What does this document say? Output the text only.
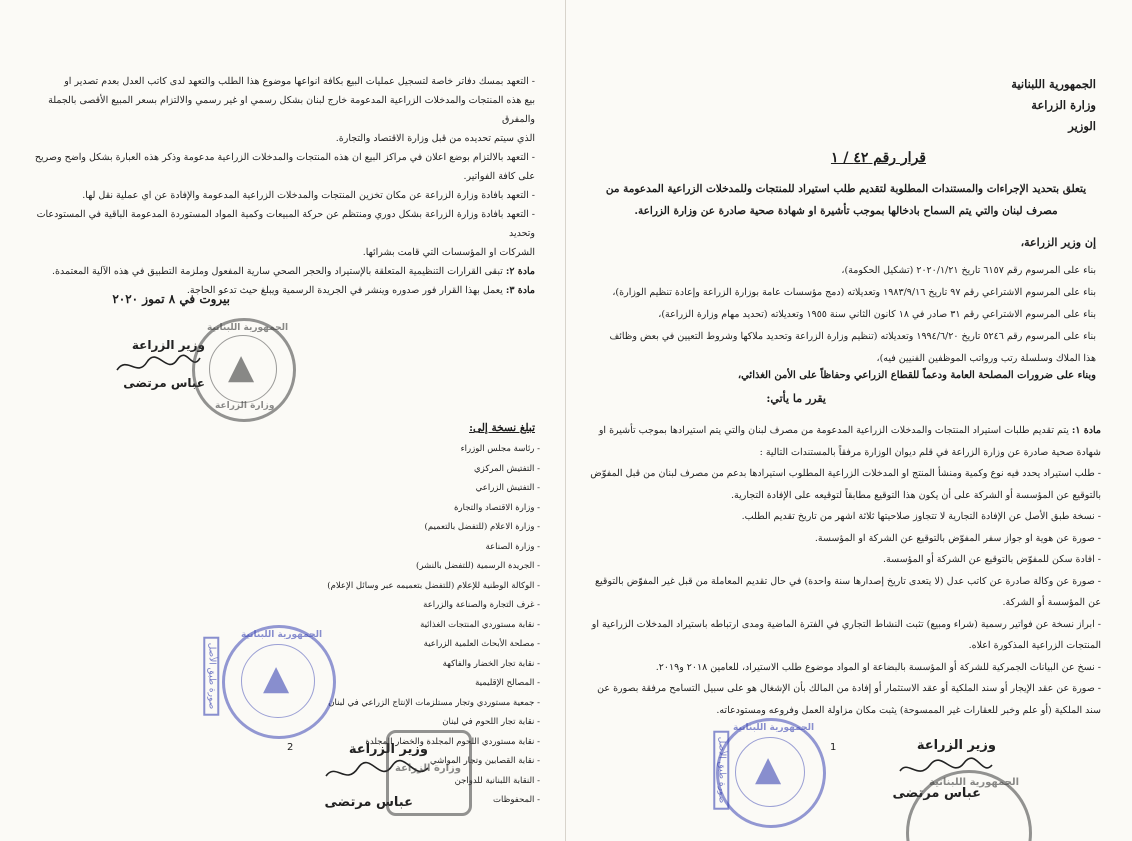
- التعهد بمسك دفاتر خاصة لتسجيل عمليات البيع بكافة انواعها موضوع هذا الطلب والتعهد لدى كاتب العدل بعدم تصدير او
بيع هذه المنتجات والمدخلات الزراعية المدعومة خارج لبنان بشكل رسمي او غير رسمي والالتزام بسعر المبيع الأقصى بالجملة والمفرق
الذي سيتم تحديده من قبل وزارة الاقتصاد والتجارة.
- التعهد بالالتزام بوضع اعلان في مراكز البيع ان هذه المنتجات والمدخلات الزراعية مدعومة وذكر هذه العبارة بشكل واضح وصريح
على كافة الفواتير.
- التعهد بافادة وزارة الزراعة عن مكان تخزين المنتجات والمدخلات الزراعية المدعومة والإفادة عن اي عملية نقل لها.
- التعهد بافادة وزارة الزراعة بشكل دوري ومنتظم عن حركة المبيعات وكمية المواد المستوردة المدعومة الباقية في المستودعات وتحديد
الشركات او المؤسسات التي قامت بشرائها.
مادة ٢: تبقى القرارات التنظيمية المتعلقة بالإستيراد والحجر الصحي سارية المفعول وملزمة التطبيق في هذه الآلية المعتمدة.
مادة ٣: يعمل بهذا القرار فور صدوره وينشر في الجريدة الرسمية ويبلغ حيث تدعو الحاجة.
بيروت في ٨ تموز ٢٠٢٠
وزير الزراعة
عباس مرتضى ▲
الجمهورية اللبنانية
وزارة الزراعة
تبلغ نسخة إلى:
- رئاسة مجلس الوزراء
- التفتيش المركزي
- التفتيش الزراعي
- وزارة الاقتصاد والتجارة
- وزارة الاعلام (للتفضل بالتعميم)
- وزارة الصناعة
- الجريدة الرسمية (للتفضل بالنشر)
- الوكالة الوطنية للإعلام (للتفضل بتعميمه عبر وسائل الإعلام)
- غرف التجارة والصناعة والزراعة
- نقابة مستوردي المنتجات الغذائية
- مصلحة الأبحاث العلمية الزراعية
- نقابة تجار الخضار والفاكهة
- المصالح الإقليمية
- جمعية مستوردي وتجار مستلزمات الإنتاج الزراعي في لبنان
- نقابة تجار اللحوم في لبنان
- نقابة مستوردي اللحوم المجلدة والخضار المجلدة
- نقابة القصابين وتجار المواشي
- النقابة اللبنانية للدواجن
- المحفوظات
▲
الجمهورية اللبنانية
صورة طبق الأصل
2	وزير الزراعة
عباس مرتضى
وزارة الزراعة
الجمهورية اللبنانية
وزارة الزراعة
الوزير
قرار رقم ٤٢ / ١
يتعلق بتحديد الإجراءات والمستندات المطلوبة لتقديم طلب استيراد للمنتجات وللمدخلات الزراعية المدعومة من
مصرف لبنان والتي يتم السماح بادخالها بموجب تأشيرة او شهادة صحية صادرة عن وزارة الزراعة.
إن وزير الزراعة،
بناء على المرسوم رقم ٦١٥٧ تاريخ ٢٠٢٠/١/٢١ (تشكيل الحكومة)،
بناء على المرسوم الاشتراعي رقم ٩٧ تاريخ ١٩٨٣/٩/١٦ وتعديلاته (دمج مؤسسات عامة بوزارة الزراعة وإعادة تنظيم الوزارة)،
بناء على المرسوم الاشتراعي رقم ٣١ صادر في ١٨ كانون الثاني سنة ١٩٥٥ وتعديلاته (تحديد مهام وزارة الزراعة)،
بناء على المرسوم رقم ٥٢٤٦ تاريخ ١٩٩٤/٦/٢٠ وتعديلاته (تنظيم وزارة الزراعة وتحديد ملاكها وشروط التعيين في بعض وظائف
هذا الملاك وسلسلة رتب ورواتب الموظفين الفنيين فيه)،
وبناء على ضرورات المصلحة العامة ودعماً للقطاع الزراعي وحفاظاً على الأمن الغذائي،
يقرر ما يأتي:
مادة ١: يتم تقديم طلبات استيراد المنتجات والمدخلات الزراعية المدعومة من مصرف لبنان والتي يتم استيرادها بموجب تأشيرة او
شهادة صحية صادرة عن وزارة الزراعة في قلم ديوان الوزارة مرفقاً بالمستندات التالية :
- طلب استيراد يحدد فيه نوع وكمية ومنشأ المنتج او المدخلات الزراعية المطلوب استيرادها بدعم من مصرف لبنان من قبل المفوّض
بالتوقيع عن المؤسسة أو الشركة على أن يكون هذا التوقيع مطابقاً لتوقيعه على الإفادة التجارية.
- نسخة طبق الأصل عن الإفادة التجارية لا تتجاوز صلاحيتها ثلاثة اشهر من تاريخ تقديم الطلب.
- صورة عن هوية او جواز سفر المفوّض بالتوقيع عن الشركة او المؤسسة.
- افادة سكن للمفوّض بالتوقيع عن الشركة أو المؤسسة.
- صورة عن وكالة صادرة عن كاتب عدل (لا يتعدى تاريخ إصدارها سنة واحدة) في حال تقديم المعاملة من قبل غير المفوّض بالتوقيع
عن المؤسسة أو الشركة.
- ابراز نسخة عن فواتير رسمية (شراء ومبيع) تثبت النشاط التجاري في الفترة الماضية ومدى ارتباطه باستيراد المدخلات الزراعية او
المنتجات الزراعية المذكورة اعلاه.
- نسخ عن البيانات الجمركية للشركة أو المؤسسة بالبضاعة او المواد موضوع طلب الاستيراد، للعامين ٢٠١٨ و٢٠١٩.
- صورة عن عقد الإيجار أو سند الملكية أو عقد الاستثمار أو إفادة من المالك بأن الإشغال هو على سبيل التسامح مرفقة بصورة عن
سند الملكية (أو علم وخبر للعقارات غير الممسوحة) يثبت مكان مزاولة العمل وفروعه ومستودعاته.
صورة طبق الأصل ▲
الجمهورية اللبنانية
1	وزير الزراعة
عباس مرتضى
الجمهورية اللبنانية
